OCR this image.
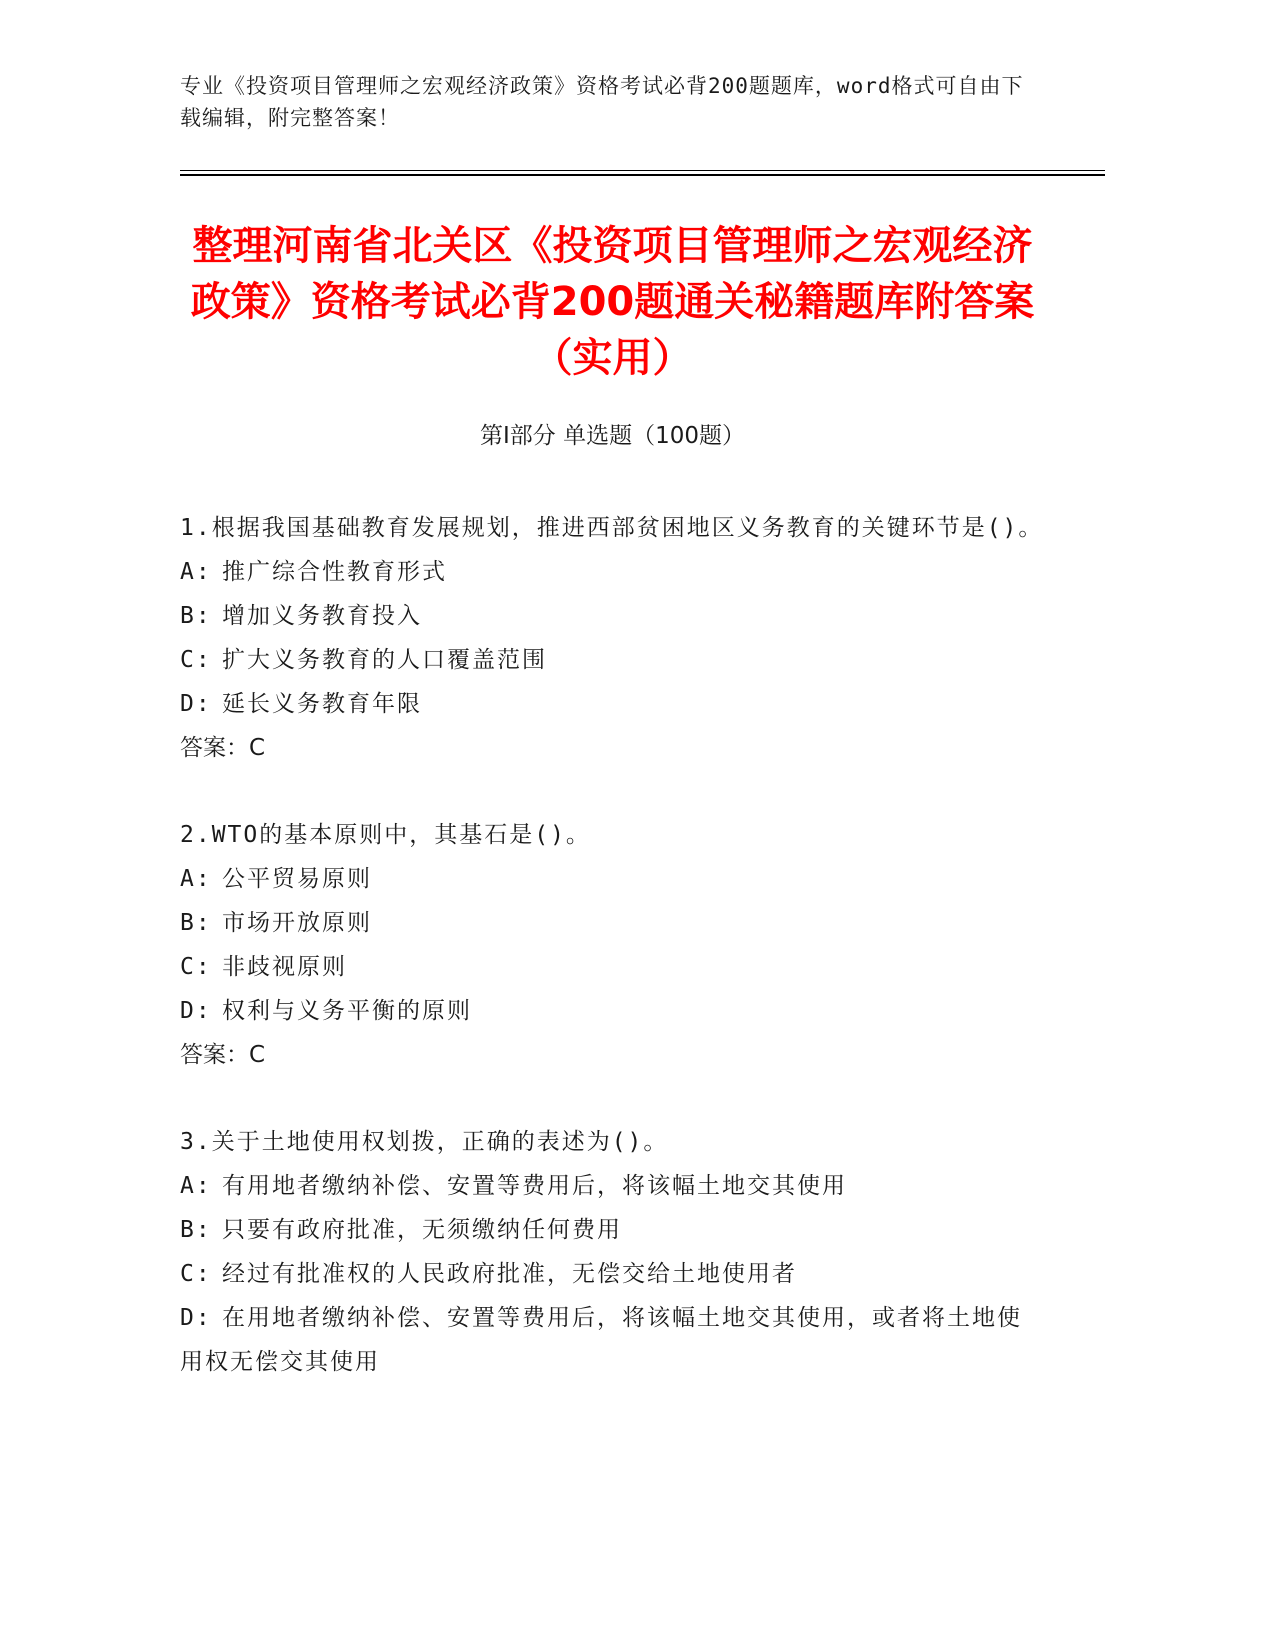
专业《投资项目管理师之宏观经济政策》资格考试必背200题题库，word格式可自由下载编辑，附完整答案！
整理河南省北关区《投资项目管理师之宏观经济政策》资格考试必背200题通关秘籍题库附答案（实用）
第Ⅰ部分 单选题（100题）

1.根据我国基础教育发展规划，推进西部贫困地区义务教育的关键环节是()。

A: 推广综合性教育形式

B: 增加义务教育投入

C: 扩大义务教育的人口覆盖范围

D: 延长义务教育年限

答案：C

2.WTO的基本原则中，其基石是()。

A: 公平贸易原则

B: 市场开放原则

C: 非歧视原则

D: 权利与义务平衡的原则

答案：C

3.关于土地使用权划拨，正确的表述为()。

A: 有用地者缴纳补偿、安置等费用后，将该幅土地交其使用

B: 只要有政府批准，无须缴纳任何费用

C: 经过有批准权的人民政府批准，无偿交给土地使用者

D: 在用地者缴纳补偿、安置等费用后，将该幅土地交其使用，或者将土地使用权无偿交其使用
